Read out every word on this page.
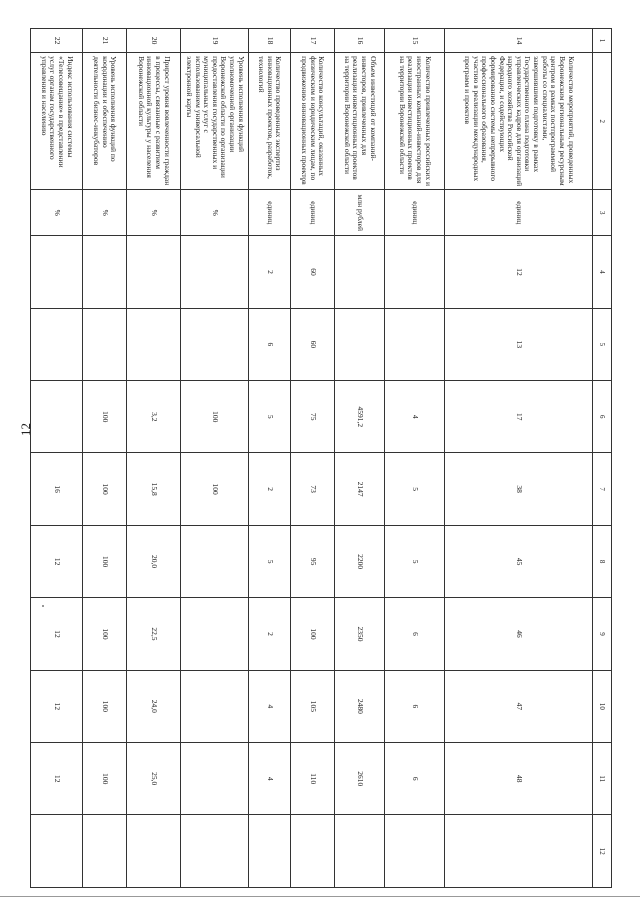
12
1	2	3	4	5	6	7	8	9	10	11	12
14	Количество мероприятий, проведенных Воронежским региональным ресурсным центром в рамках постпрограммной работы со специалистами, завершившими подготовку в рамках Государственного плана подготовки управленческих кадров для организаций народного хозяйства Российской Федерации, и содействующих формированию системы непрерывного профессионального образования, участию в реализации международных программ и проектов	единиц	12	13	17	38	45	46	47	48	
15	Количество привлеченных российских и иностранных компаний-инвесторов для реализации инвестиционных проектов на территории Воронежской области	единиц			4	5	5	6	6	6	
16	Объем инвестиций от компаний-инвесторов, привлеченных для реализации инвестиционных проектов на территории Воронежской области	млн рублей			4591,2	2147	2200	2350	2480	2610	
17	Количество консультаций, оказанных физическим и юридическим лицам, по продвижению инновационных проектов	единиц	60	60	75	73	95	100	105	110	
18	Количество проведенных экспертиз инновационных проектов, разработок, технологий	единиц	2	6	5	2	5	2	4	4	
19	Уровень исполнения функций уполномоченной организации Воронежской области по организации предоставления государственных и муниципальных услуг с использованием универсальной электронной карты	%			100	100					
20	Прирост уровня вовлеченности граждан в процессы, связанные с развитием инновационной культуры у населения Воронежской области	%			3,2	15,8	20,0	22,5	24,0	25,0	
21	Уровень исполнения функций по координации и обеспечению деятельности бизнес-инкубаторов	%			100	100	100	100	100	100	
22	Индекс использования системы «Телесовещание» в представлении услуг органам государственного управления и населению	%				16	12	12	12	12	
